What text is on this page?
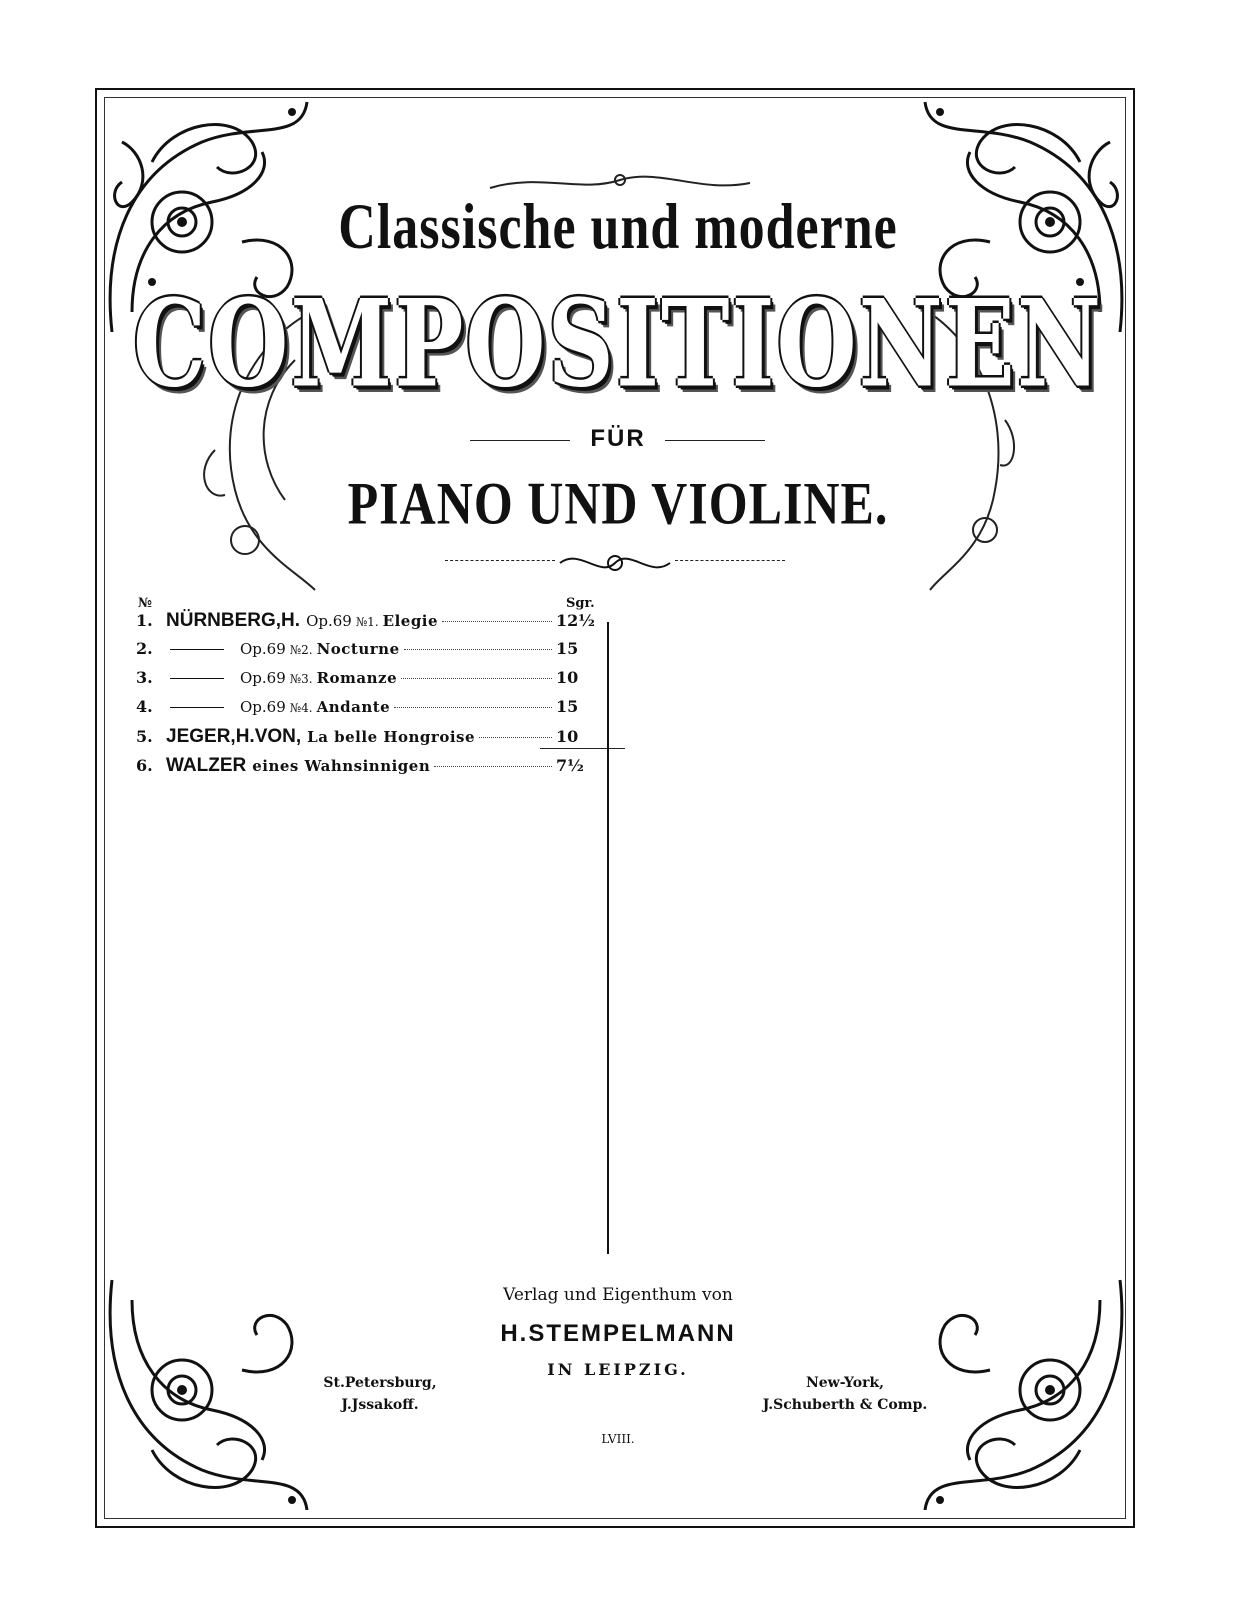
Classische und moderne
COMPOSITIONEN
FÜR
PIANO UND VIOLINE.
№	Sgr.
1. NÜRNBERG,H. Op.69 №1. Elegie	12½
2.	Op.69 №2. Nocturne	15
3.	Op.69 №3. Romanze	10
4.	Op.69 №4. Andante	15
5. JEGER,H.VON, La belle Hongroise	10
6. WALZER eines Wahnsinnigen	7½
Verlag und Eigenthum von
H.STEMPELMANN
IN LEIPZIG.
St.Petersburg,
J.Jssakoff.
New-York,
J.Schuberth & Comp.
LVIII.
